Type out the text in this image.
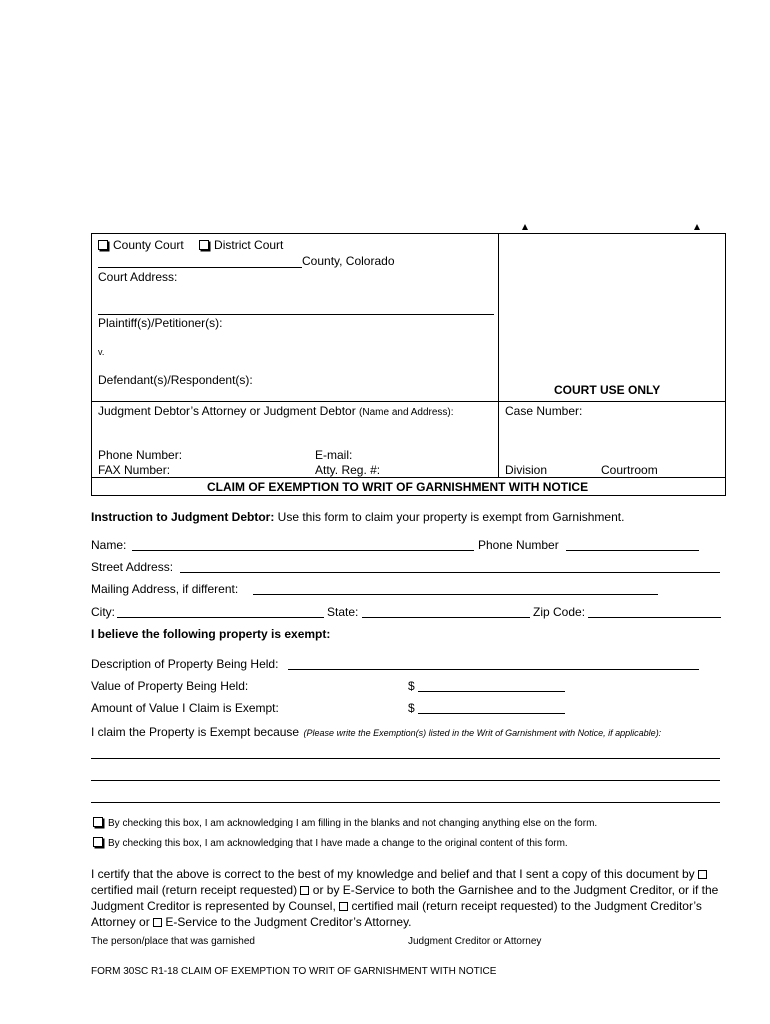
County Court	District Court
County, Colorado
Court Address:
Plaintiff(s)/Petitioner(s):
v.
Defendant(s)/Respondent(s):
COURT USE ONLY
Judgment Debtor’s Attorney or Judgment Debtor (Name and Address):	Case Number:
Phone Number:	E-mail:
FAX Number:	Atty. Reg. #:	Division	Courtroom
CLAIM OF EXEMPTION TO WRIT OF GARNISHMENT WITH NOTICE
Instruction to Judgment Debtor: Use this form to claim your property is exempt from Garnishment.
Name:	Phone Number
Street Address:
Mailing Address, if different:
City:	State:	Zip Code:
I believe the following property is exempt:
Description of Property Being Held:
Value of Property Being Held:	$
Amount of Value I Claim is Exempt:	$
I claim the Property is Exempt because (Please write the Exemption(s) listed in the Writ of Garnishment with Notice, if applicable):
By checking this box, I am acknowledging I am filling in the blanks and not changing anything else on the form.
By checking this box, I am acknowledging that I have made a change to the original content of this form.
I certify that the above is correct to the best of my knowledge and belief and that I sent a copy of this document by  certified mail (return receipt requested) or by E-Service to both the Garnishee and to the Judgment Creditor, or if the Judgment Creditor is represented by Counsel, certified mail (return receipt requested) to the Judgment Creditor’s Attorney or E-Service to the Judgment Creditor’s Attorney.
The person/place that was garnished	Judgment Creditor or Attorney
FORM 30SC R1-18 CLAIM OF EXEMPTION TO WRIT OF GARNISHMENT WITH NOTICE
